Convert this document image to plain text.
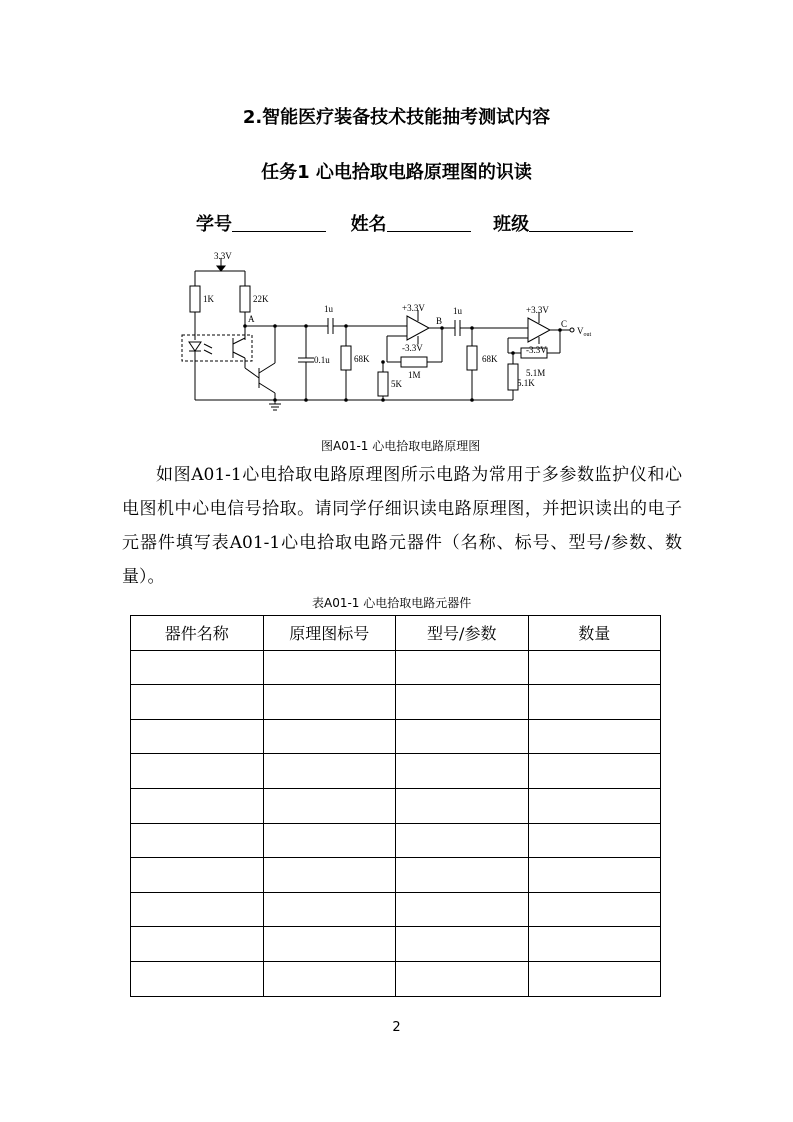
2.智能医疗装备技术技能抽考测试内容
任务1 心电拾取电路原理图的识读
学号	姓名	班级
3.3V
1K	22K
A
1u
0.1u	68K
+3.3V
-3.3V
B
1M
5K
1u
68K
+3.3V
-3.3V
C
$V_{out}$
5.1M
5.1K
图A01-1 心电拾取电路原理图

如图A01-1心电拾取电路原理图所示电路为常用于多参数监护仪和心电图机中心电信号拾取。请同学仔细识读电路原理图，并把识读出的电子元器件填写表A01-1心电拾取电路元器件（名称、标号、型号/参数、数量）。

表A01-1 心电拾取电路元器件
器件名称	原理图标号	型号/参数	数量

2
